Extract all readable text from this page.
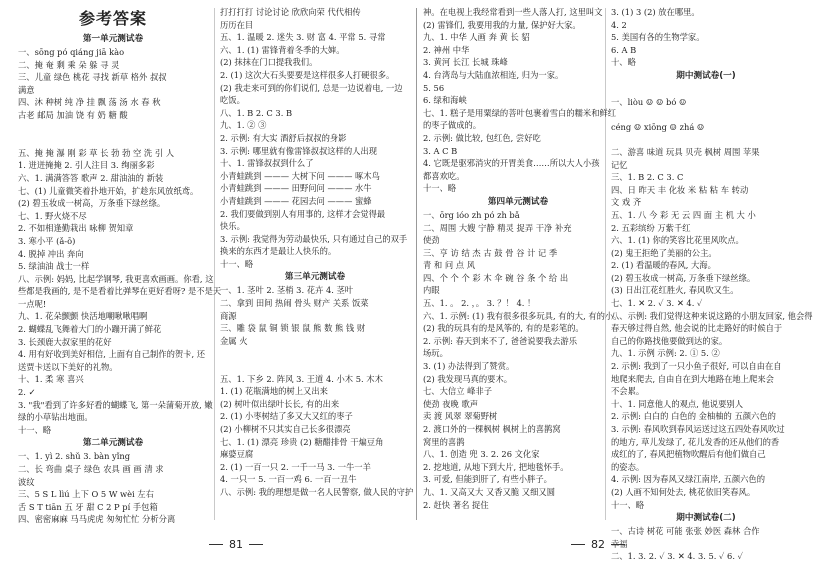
参考答案
第一单元测试卷
一、sōng pó qiáng jiā kào
二、掩 奄 剩 乘 朵 躲 寻 灵
三、儿童 绿色 桃花 寻找 新草 格外 叔叔
满意
四、沐 种树 纯 净 挂 飘 荡 汤 水 春 秋
古老 邮局 加油 饶 有 奶 糖 酸
五、掩 掩 瀑 刚 彩 草 长 勃 勃 空 洗 引 人
1. 迸迸掩掩 2. 引人注目 3. 绚丽多彩
六、1. 满满答答 歌声 2. 甜油油的 新装
七、(1) 儿童微笑着扑地开始，扩趁东风放纸鸢。
(2) 碧玉妆成一树高，万条垂下绿丝绦。
七、1. 野火烧不尽
2. 不如相逢勤栽出 咏柳 贺知章
3. 寒小平 (ǎ-ō)
4. 脱掉 冲出 奔向
5. 绿油油 战士一样
八、示例: 妈妈, 比起学钢琴, 我更喜欢画画。你看, 这
些都是我画的, 是不是看着比弹琴在更好看呀? 是不是天
一点呢!
九、1. 花朵颤颤 快活地嘲啾啾唱啊
2. 蝴蝶乱飞舞着大门的小蹦开满了鲜花
3. 长颈鹿大叔家里的花好
4. 用有好收到美好相信, 上面有自己制作的贺卡, 还
送贾卡送以下美好的礼物。
十、1. 柔 寒 喜兴
2. ✓
3. "我"看到了许多好看的蝴蝶飞, 第一朵蒲菊开放, 嫩
绿的小草钻出地面。
十一、略
第二单元测试卷
一、1. yì 2. shǔ 3. bàn yǐng
二、长 弯曲 桌子 绿色 农具 画 画 清 求
波纹
三、5 S L lìú 上下 O 5 W wèi 左右
舌 S T tiān 五 牙 甜 C 2 P pí 手包箱
四、密密麻麻 马马虎虎 匆匆忙忙 分析分离
打打打打 讨论讨论 欣欣向荣 代代相传
历历在目
五、1. 温暖 2. 迷失 3. 财 富 4. 平常 5. 寻常
六、1. (1) 雷锋背着冬季的大婶。
(2) 抹抹在门口提我我们。
2. (1) 这次大石头要要是这样很多人打硬很多。
(2) 我走来可到的你们说们, 总是一边说着电, 一边
吃饭。
八、1. B 2. C 3. B
九、1. ② ③
2. 示例: 有大实 酒舒后叔叔的身影
3. 示例: 哪里就有像雷锋叔叔这样的人出现
十、1. 雷锋叔叔到什么了
小青蛙跳到 ——— 大树下问 ——— 啄木鸟
小青蛙跳到 ——— 田野问问 ——— 水牛
小青蛙跳到 ——— 花园去问 ——— 蜜蜂
2. 我们要做到别人有用事的, 这样才会觉得最
快乐。
3. 示例: 我觉得为劳动最快乐, 只有通过自己的双手
换来的东西才是最让人快乐的。
十一、略
第三单元测试卷
一、1. 茎叶 2. 茎梢 3. 花卉 4. 茎叶
二、拿到 田间 热闹 骨头 财产 关系 饭菜
商源
三、雕 袋 鼠 铜 锁 银 鼠 熊 数 熊 钱 财
金属 火
五、1. 下乡 2. 阵风 3. 王道 4. 小木 5. 木木
1. (1) 花瓶满地的树上又出来
(2) 树叶似出绿叶长长, 有的出来
2. (1) 小枣树结了多又大又红的枣子
(2) 小柳树不只其实自己长多很漂亮
七、1. (1) 漂亮 珍贵 (2) 糖醋排骨 干煸豆角
麻婆豆腐
2. (1) 一百一只 2. 一千一马 3. 一牛一羊
4. 一只一 5. 一百一鸡 6. 一百一丑牛
八、示例: 我的理想是做一名人民警察, 做人民的守护
神。在电视上我经常看到一些人落人打, 这里叫文
(2) 雷锋们, 我要用我的力量, 保护好大家。
九、1. 中华 人画 奔 黄 长 貂
2. 神州 中华
3. 黄河 长江 长城 珠峰
4. 台湾岛与大陆血浓相连, 归为一家。
5. 56
6. 绿和海峡
七、1. 糕子是用粟绿的菩叶包裹着雪白的糯米和鲜红
的枣子做成的。
2. 示例: 做比较, 包红色, 尝好吃
3. A C B
4. 它既是驱邪消灾的开胃美食……所以大人小孩
都喜欢吃。
十一、略
第四单元测试卷
一、ōrg ióo zh pó zh bǎ
二、周围 大嫂 宁静 精灵 捉弄 干净 补充
使劲
三、亨 访 结 杰 古 鼓 骨 谷 计 记 季
青 和 问 点 风
四、个 个 个 彩 木 伞 碗 谷 条 个 给 出
内眼
五、1. 。 2. ，。 3. ？！ 4. ！
六、1. 示例: (1) 我有很多很多玩具, 有的大, 有的小。
(2) 我的玩具有的是风筝的, 有的是彩笔的。
2. 示例: 春天到来不了, 爸爸说要我去游乐
场玩。
3. (1) 办法得到了赞赏。
(2) 我发现马真的要木。
七、大信立 峰非子
使劲 夜晚 歌声
卖 渡 风翠 翠菊野树
2. 渡口外的一棵枫树 枫树上的喜鹊窝
窝里的喜鹊
八、1. 创造 兜 3. 2. 26 文化家
2. 挖地道, 从地下到大片, 把地毯怀手。
3. 可爱, 但能到肝了, 有些小胖子。
九、1. 又高又大 又香又脆 又细又圆
2. 赶快 著名 捉住
3. (1) 3 (2) 放在哪里。
4. 2
5. 美国有各的生物学家。
6. A B
十、略
期中测试卷(一)
一、liòu ☺ ☺ bó ☺
céng ☺ xiōng ☺ zhá ☺
二、游喜 味道 玩具 贝壳 枫树 周围 苹果
记忆
三、1. B 2. C 3. C
四、日 昨天 丰 化妆 米 粘 粘 车 转动
文 戏 齐
五、1. 八 今 彩 无 云 四 面 主 机 大 小
2. 五彩缤纷 万紫千红
六、1. (1) 你的笑容比花里风吹点。
(2) 鬼王拒绝了美丽的公主。
2. (1) 看温暖的春风, 大海。
(2) 碧玉妆成一树高, 万条垂下绿丝绦。
(3) 日出江花红胜火, 春风吹又生。
七、1. ✕ 2. ✓ 3. ✕ 4. ✓
八、示例: 我们觉得这种来说这路的小朋友回家, 他会得
春天够过得自然, 他会说的比走路好的时候自于
自己的你路找他要做到达的家。
九、1. 示例 示例: 2. ① 5. ②
2. 示例: 我到了一只小鱼子很好, 可以自由在自
地爬来爬去, 自由自在到大地路在地上爬来会
不会累。
十、1. 同意他人的观点, 他说要别人
2. 示例: 白白的 白色的 金柚柚的 五颜六色的
3. 示例: 春风吹到春风运送过这五四处春风吹过
的地方, 草儿发绿了, 花儿发香的还从他们的香
成红的了, 春风把植物吹醒后有他们做自己
的姿态。
4. 示例: 因为春风又绿江南岸, 五颜六色的
(2) 人画不知何处去, 桃花依旧笑春风。
十一、略
期中测试卷(二)
一、古诗 树花 可能 张张 妙医 森林 合作
幸福
二、1. 3. 2. ✓ 3. ✕ 4. 3. 5. ✓ 6. ✓
81	82
